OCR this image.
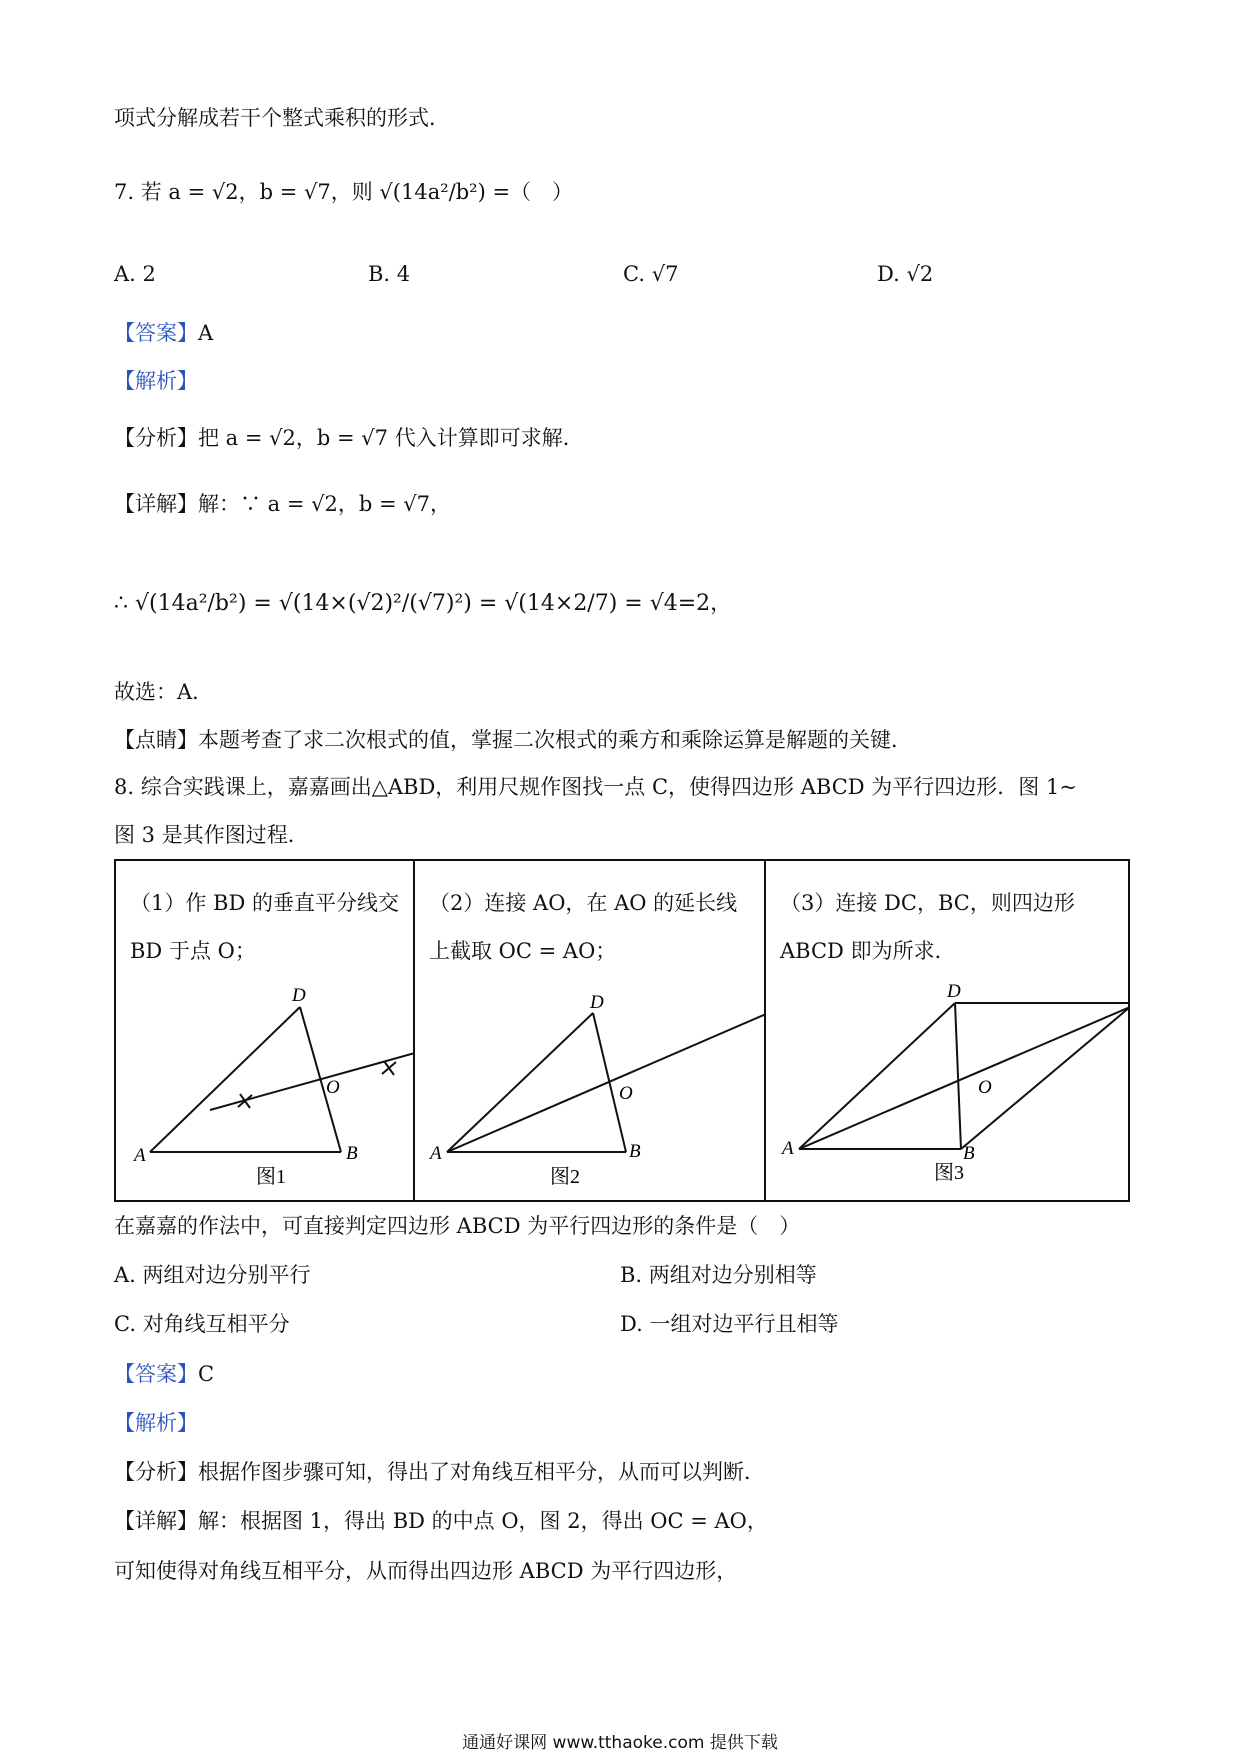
项式分解成若干个整式乘积的形式．
7. 若 a = √2，b = √7，则 √(14a²/b²) =（　）
A. 2	B. 4	C. √7	D. √2
【答案】A
【解析】
【分析】把 a = √2，b = √7 代入计算即可求解．
【详解】解：∵ a = √2，b = √7，
∴ √(14a²/b²) = √(14×(√2)²/(√7)²) = √(14×2/7) = √4=2，
故选：A．
【点睛】本题考查了求二次根式的值，掌握二次根式的乘方和乘除运算是解题的关键．
8. 综合实践课上，嘉嘉画出△ABD，利用尺规作图找一点 C，使得四边形 ABCD 为平行四边形．图 1~
图 3 是其作图过程．
A	B
D
O
图1
（1）作 BD 的垂直平分线交 BD 于点 O；

A	B
D
O
图2
（2）连接 AO，在 AO 的延长线上截取 OC = AO；

A	B
D
O
图3
（3）连接 DC，BC，则四边形 ABCD 即为所求．
在嘉嘉的作法中，可直接判定四边形 ABCD 为平行四边形的条件是（　）
A. 两组对边分别平行	B. 两组对边分别相等
C. 对角线互相平分	D. 一组对边平行且相等
【答案】C
【解析】
【分析】根据作图步骤可知，得出了对角线互相平分，从而可以判断．
【详解】解：根据图 1，得出 BD 的中点 O，图 2，得出 OC = AO，
可知使得对角线互相平分，从而得出四边形 ABCD 为平行四边形，
通通好课网 www.tthaoke.com 提供下载
